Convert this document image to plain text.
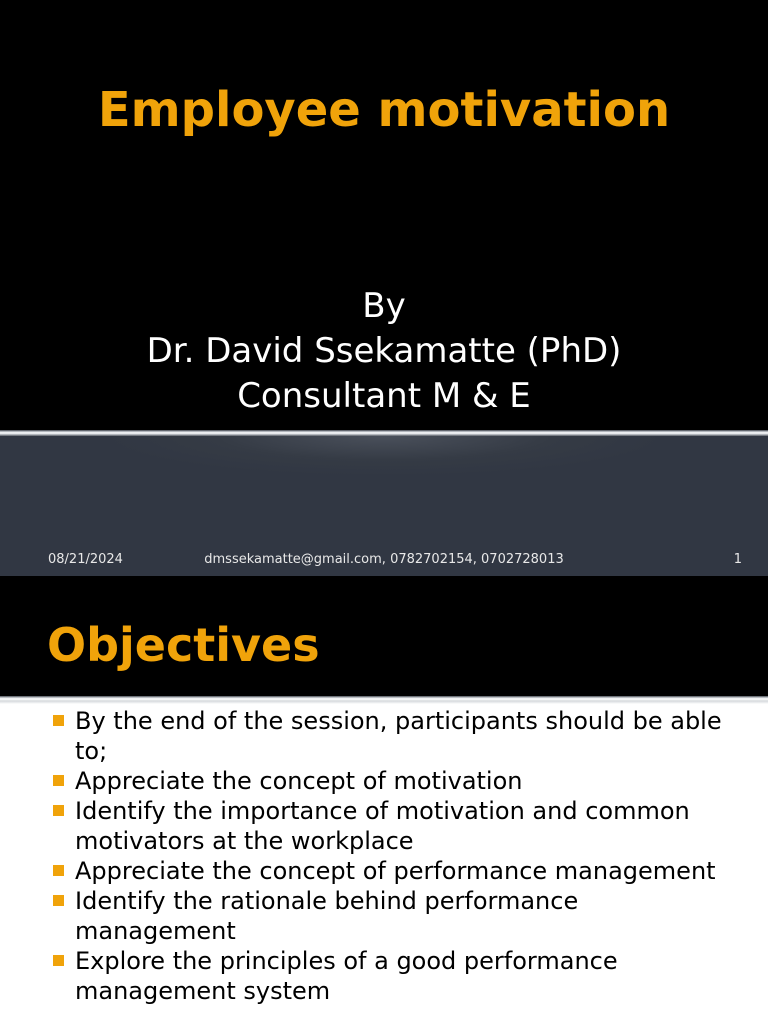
Employee motivation
By
Dr. David Ssekamatte (PhD)
Consultant M & E
08/21/2024	dmssekamatte@gmail.com, 0782702154, 0702728013	1
Objectives
By the end of the session, participants should be able to;
Appreciate the concept of motivation
Identify the importance of motivation and common motivators at the workplace
Appreciate the concept of performance management
Identify the rationale behind performance management
Explore the principles of a good performance management system
